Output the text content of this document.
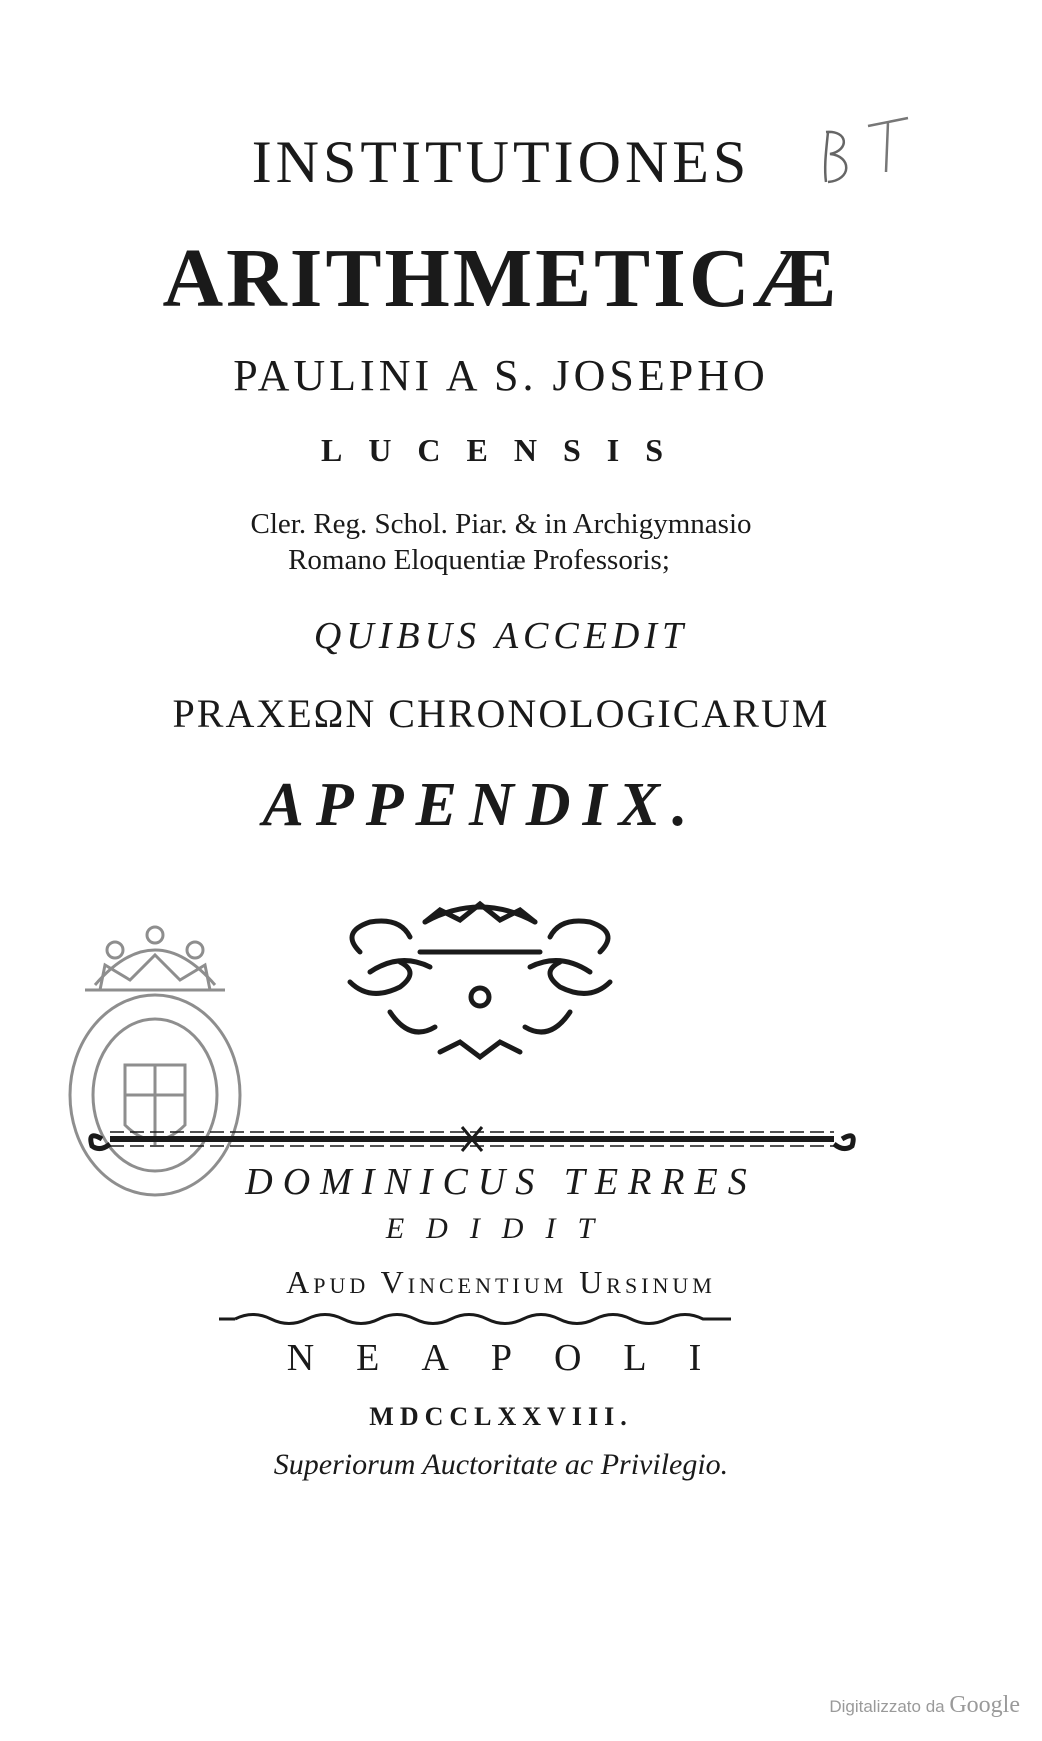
INSTITUTIONES
ARITHMETICÆ
PAULINI A S. JOSEPHO
LUCENSIS
Cler. Reg. Schol. Piar. & in Archigymnasio
Romano Eloquentiæ Professoris;
QUIBUS ACCEDIT
PRAXEΩN CHRONOLOGICARUM
APPENDIX.
DOMINICUS TERRES
EDIDIT
Apud Vincentium Ursinum
NEAPOLI
MDCCLXXVIII.
Superiorum Auctoritate ac Privilegio.
Digitalizzato da Google
